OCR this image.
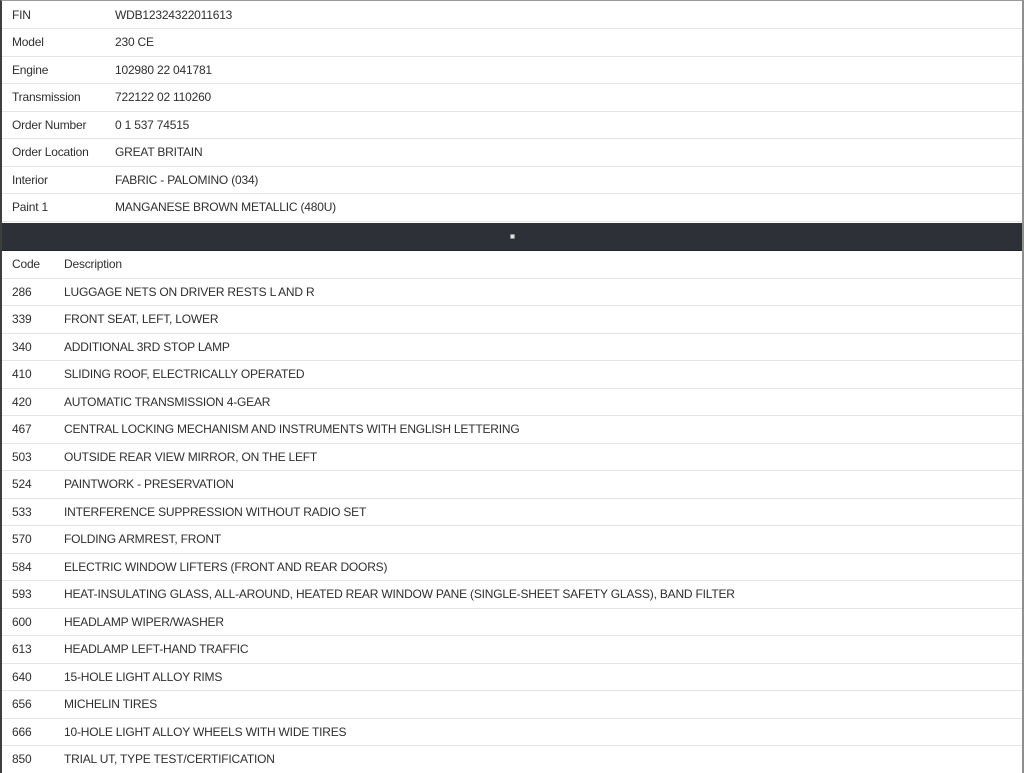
FIN	WDB12324322011613
Model	230 CE
Engine	102980 22 041781
Transmission	722122 02 110260
Order Number	0 1 537 74515
Order Location	GREAT BRITAIN
Interior	FABRIC - PALOMINO (034)
Paint 1	MANGANESE BROWN METALLIC (480U)
Code	Description
286	LUGGAGE NETS ON DRIVER RESTS L AND R
339	FRONT SEAT, LEFT, LOWER
340	ADDITIONAL 3RD STOP LAMP
410	SLIDING ROOF, ELECTRICALLY OPERATED
420	AUTOMATIC TRANSMISSION 4-GEAR
467	CENTRAL LOCKING MECHANISM AND INSTRUMENTS WITH ENGLISH LETTERING
503	OUTSIDE REAR VIEW MIRROR, ON THE LEFT
524	PAINTWORK - PRESERVATION
533	INTERFERENCE SUPPRESSION WITHOUT RADIO SET
570	FOLDING ARMREST, FRONT
584	ELECTRIC WINDOW LIFTERS (FRONT AND REAR DOORS)
593	HEAT-INSULATING GLASS, ALL-AROUND, HEATED REAR WINDOW PANE (SINGLE-SHEET SAFETY GLASS), BAND FILTER
600	HEADLAMP WIPER/WASHER
613	HEADLAMP LEFT-HAND TRAFFIC
640	15-HOLE LIGHT ALLOY RIMS
656	MICHELIN TIRES
666	10-HOLE LIGHT ALLOY WHEELS WITH WIDE TIRES
850	TRIAL UT, TYPE TEST/CERTIFICATION
